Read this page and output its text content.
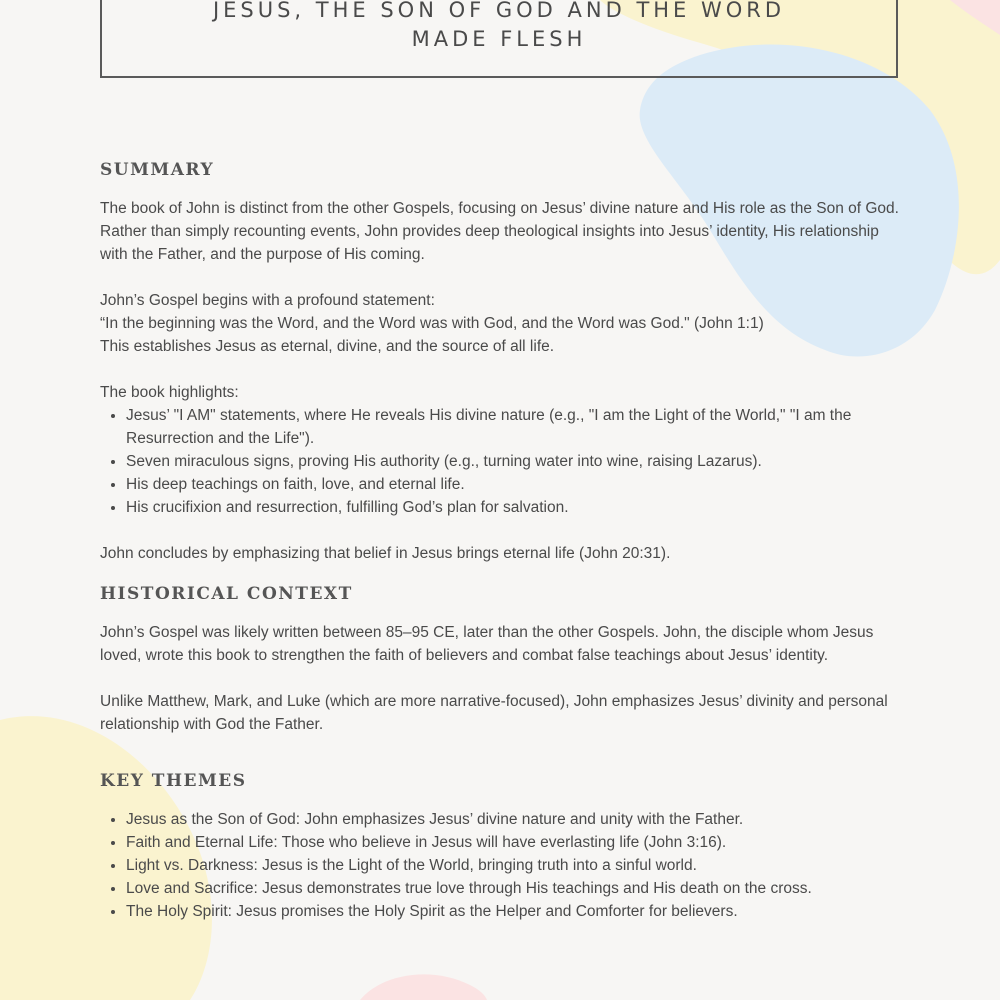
JESUS, THE SON OF GOD AND THE WORD
MADE FLESH
SUMMARY

The book of John is distinct from the other Gospels, focusing on Jesus’ divine nature and His role as the Son of God. Rather than simply recounting events, John provides deep theological insights into Jesus’ identity, His relationship with the Father, and the purpose of His coming.

John’s Gospel begins with a profound statement:

“In the beginning was the Word, and the Word was with God, and the Word was God." (John 1:1)

This establishes Jesus as eternal, divine, and the source of all life.

The book highlights:

• Jesus’ "I AM" statements, where He reveals His divine nature (e.g., "I am the Light of the World," "I am the Resurrection and the Life").
• Seven miraculous signs, proving His authority (e.g., turning water into wine, raising Lazarus).
• His deep teachings on faith, love, and eternal life.
• His crucifixion and resurrection, fulfilling God’s plan for salvation.

John concludes by emphasizing that belief in Jesus brings eternal life (John 20:31).

HISTORICAL CONTEXT

John’s Gospel was likely written between 85–95 CE, later than the other Gospels. John, the disciple whom Jesus loved, wrote this book to strengthen the faith of believers and combat false teachings about Jesus’ identity.

Unlike Matthew, Mark, and Luke (which are more narrative-focused), John emphasizes Jesus’ divinity and personal relationship with God the Father.

KEY THEMES
• Jesus as the Son of God: John emphasizes Jesus’ divine nature and unity with the Father.
• Faith and Eternal Life: Those who believe in Jesus will have everlasting life (John 3:16).
• Light vs. Darkness: Jesus is the Light of the World, bringing truth into a sinful world.
• Love and Sacrifice: Jesus demonstrates true love through His teachings and His death on the cross.
• The Holy Spirit: Jesus promises the Holy Spirit as the Helper and Comforter for believers.
